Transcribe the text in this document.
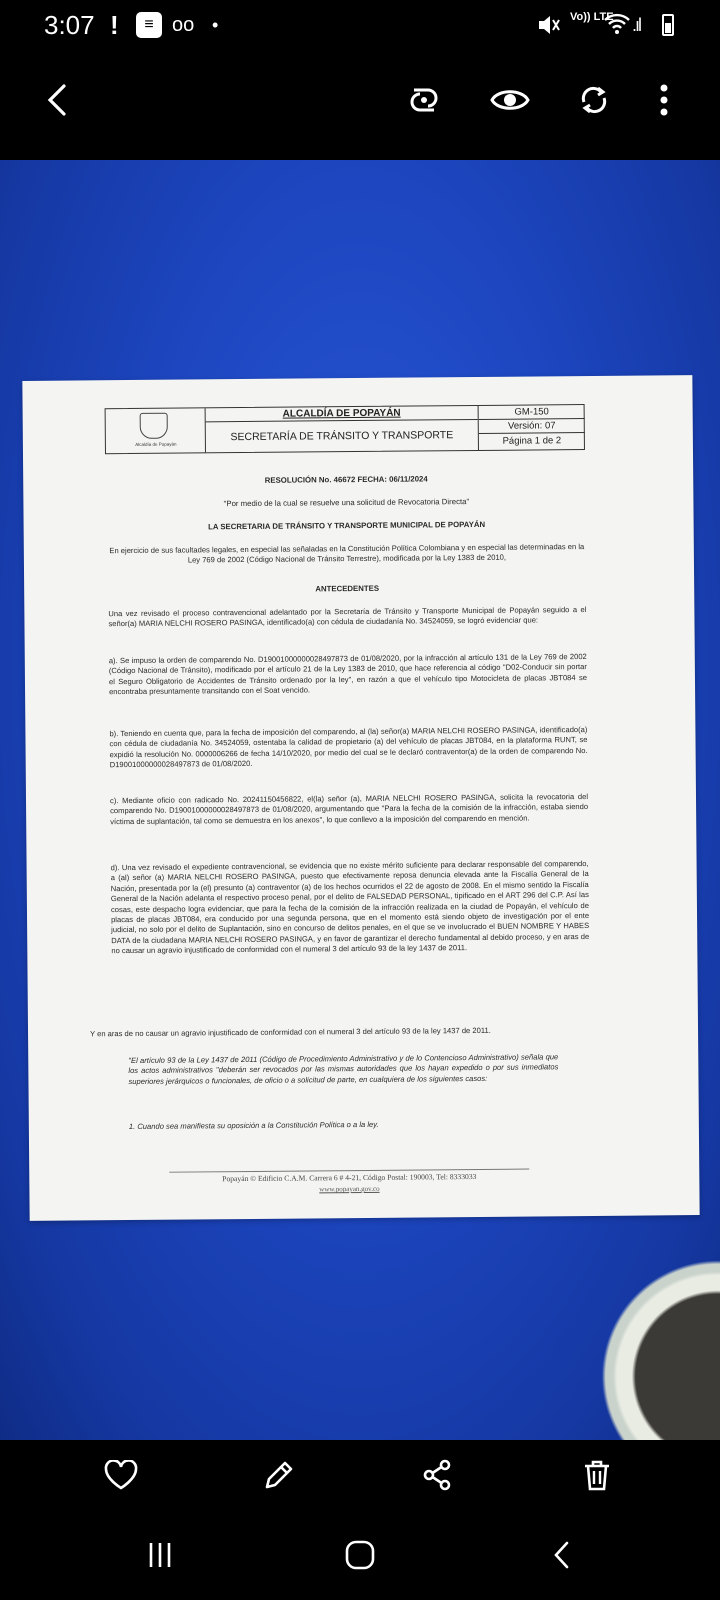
3:07 !	≡ oo •	Vo)) LTE .ıl
Alcaldía de Popayán
ALCALDÍA DE POPAYÁN
SECRETARÍA DE TRÁNSITO Y TRANSPORTE
GM-150
Versión: 07
Página 1 de 2
RESOLUCIÓN No. 46672 FECHA: 06/11/2024
"Por medio de la cual se resuelve una solicitud de Revocatoria Directa"
LA SECRETARIA DE TRÁNSITO Y TRANSPORTE MUNICIPAL DE POPAYÁN
En ejercicio de sus facultades legales, en especial las señaladas en la Constitución Política Colombiana y en especial las determinadas en la Ley 769 de 2002 (Código Nacional de Tránsito Terrestre), modificada por la Ley 1383 de 2010,
ANTECEDENTES
Una vez revisado el proceso contravencional adelantado por la Secretaría de Tránsito y Transporte Municipal de Popayán seguido a el señor(a) MARIA NELCHI ROSERO PASINGA, identificado(a) con cédula de ciudadanía No. 34524059, se logró evidenciar que:
a). Se impuso la orden de comparendo No. D19001000000028497873 de 01/08/2020, por la infracción al artículo 131 de la Ley 769 de 2002 (Código Nacional de Tránsito), modificado por el artículo 21 de la Ley 1383 de 2010, que hace referencia al código "D02-Conducir sin portar el Seguro Obligatorio de Accidentes de Tránsito ordenado por la ley", en razón a que el vehículo tipo Motocicleta de placas JBT084 se encontraba presuntamente transitando con el Soat vencido.
b). Teniendo en cuenta que, para la fecha de imposición del comparendo, al (la) señor(a) MARIA NELCHI ROSERO PASINGA, identificado(a) con cédula de ciudadanía No. 34524059, ostentaba la calidad de propietario (a) del vehículo de placas JBT084, en la plataforma RUNT, se expidió la resolución No. 0000006266 de fecha 14/10/2020, por medio del cual se le declaró contraventor(a) de la orden de comparendo No. D19001000000028497873 de 01/08/2020.
c). Mediante oficio con radicado No. 20241150456822, el(la) señor (a), MARIA NELCHI ROSERO PASINGA, solicita la revocatoria del comparendo No. D19001000000028497873 de 01/08/2020, argumentando que "Para la fecha de la comisión de la infracción, estaba siendo víctima de suplantación, tal como se demuestra en los anexos", lo que conllevo a la imposición del comparendo en mención.
d). Una vez revisado el expediente contravencional, se evidencia que no existe mérito suficiente para declarar responsable del comparendo, a (al) señor (a) MARIA NELCHI ROSERO PASINGA, puesto que efectivamente reposa denuncia elevada ante la Fiscalía General de la Nación, presentada por la (el) presunto (a) contraventor (a) de los hechos ocurridos el 22 de agosto de 2008. En el mismo sentido la Fiscalía General de la Nación adelanta el respectivo proceso penal, por el delito de FALSEDAD PERSONAL, tipificado en el ART 296 del C.P. Así las cosas, este despacho logra evidenciar, que para la fecha de la comisión de la infracción realizada en la ciudad de Popayán, el vehículo de placas de placas JBT084, era conducido por una segunda persona, que en el momento está siendo objeto de investigación por el ente judicial, no solo por el delito de Suplantación, sino en concurso de delitos penales, en el que se ve involucrado el BUEN NOMBRE Y HABES DATA de la ciudadana MARIA NELCHI ROSERO PASINGA, y en favor de garantizar el derecho fundamental al debido proceso, y en aras de no causar un agravio injustificado de conformidad con el numeral 3 del artículo 93 de la ley 1437 de 2011.
Y en aras de no causar un agravio injustificado de conformidad con el numeral 3 del artículo 93 de la ley 1437 de 2011.
"El artículo 93 de la Ley 1437 de 2011 (Código de Procedimiento Administrativo y de lo Contencioso Administrativo) señala que los actos administrativos "deberán ser revocados por las mismas autoridades que los hayan expedido o por sus inmediatos superiores jerárquicos o funcionales, de oficio o a solicitud de parte, en cualquiera de los siguientes casos:
1. Cuando sea manifiesta su oposición a la Constitución Política o a la ley.
Popayán © Edificio C.A.M. Carrera 6 # 4-21, Código Postal: 190003, Tel: 8333033
www.popayan.gov.co
